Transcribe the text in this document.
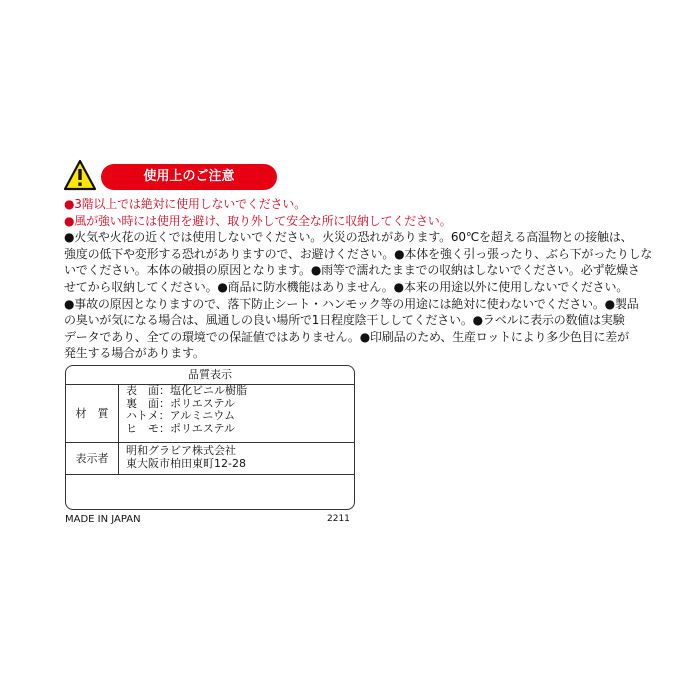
使用上のご注意
●3階以上では絶対に使用しないでください。
●風が強い時には使用を避け、取り外して安全な所に収納してください。
●火気や火花の近くでは使用しないでください。火災の恐れがあります。60℃を超える高温物との接触は、
強度の低下や変形する恐れがありますので、お避けください。●本体を強く引っ張ったり、ぶら下がったりしな
いでください。本体の破損の原因となります。●雨等で濡れたままでの収納はしないでください。必ず乾燥さ
せてから収納してください。●商品に防水機能はありません。●本来の用途以外に使用しないでください。
●事故の原因となりますので、落下防止シート・ハンモック等の用途には絶対に使わないでください。●製品
の臭いが気になる場合は、風通しの良い場所で1日程度陰干ししてください。●ラベルに表示の数値は実験
データであり、全ての環境での保証値ではありません。●印刷品のため、生産ロットにより多少色目に差が
発生する場合があります。
品質表示
材　質
表　面：塩化ビニル樹脂
裏　面：ポリエステル
ハトメ：アルミニウム
ヒ　モ：ポリエステル
表示者
明和グラビア株式会社
東大阪市柏田東町12-28
MADE IN JAPAN	2211
